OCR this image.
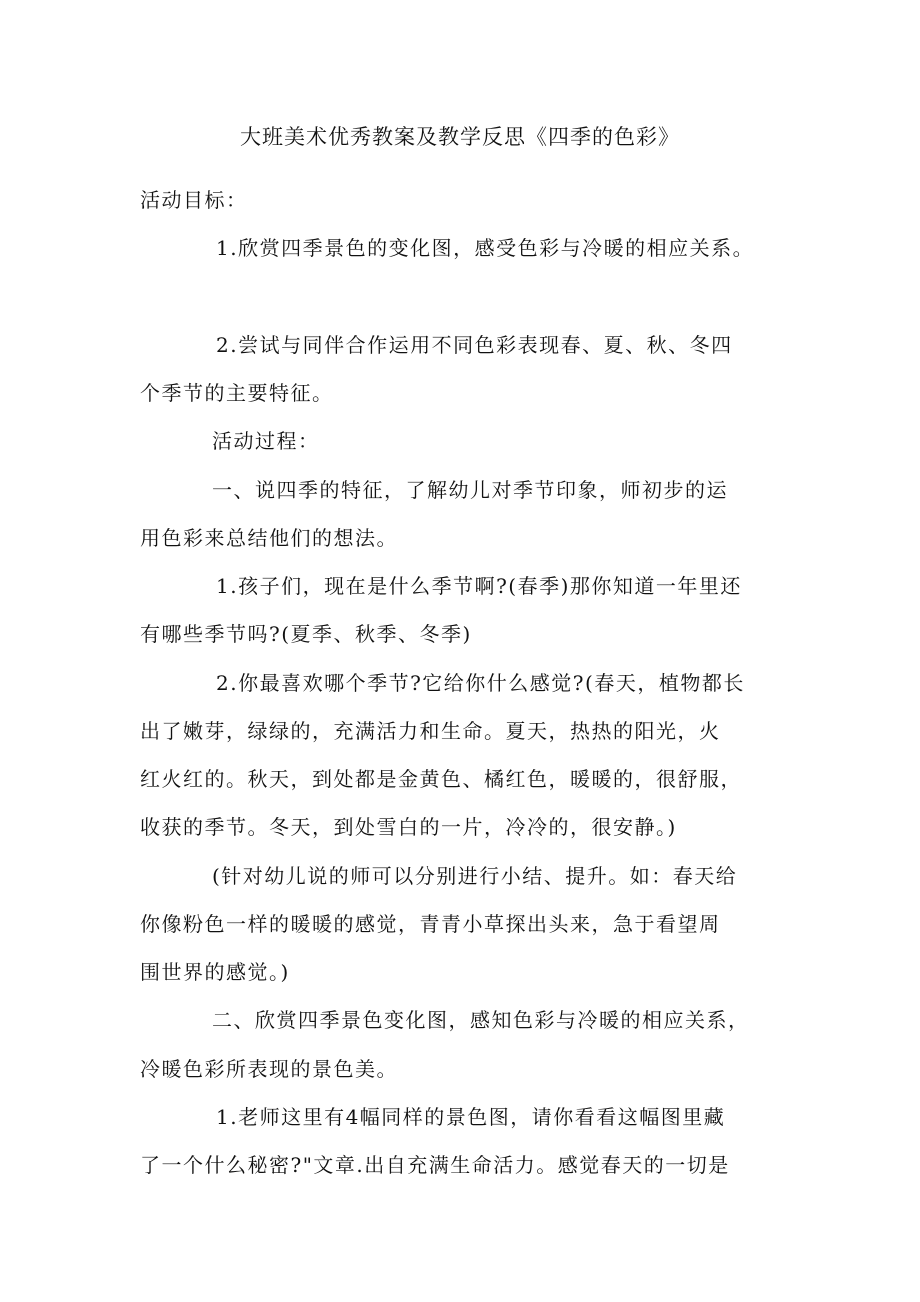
大班美术优秀教案及教学反思《四季的色彩》
活动目标：
1.欣赏四季景色的变化图，感受色彩与冷暖的相应关系。
2.尝试与同伴合作运用不同色彩表现春、夏、秋、冬四
个季节的主要特征。
活动过程：
一、说四季的特征，了解幼儿对季节印象，师初步的运
用色彩来总结他们的想法。
1.孩子们，现在是什么季节啊?(春季)那你知道一年里还
有哪些季节吗?(夏季、秋季、冬季)
2.你最喜欢哪个季节?它给你什么感觉?(春天，植物都长
出了嫩芽，绿绿的，充满活力和生命。夏天，热热的阳光，火
红火红的。秋天，到处都是金黄色、橘红色，暖暖的，很舒服，
收获的季节。冬天，到处雪白的一片，冷冷的，很安静。)
(针对幼儿说的师可以分别进行小结、提升。如：春天给
你像粉色一样的暖暖的感觉，青青小草探出头来，急于看望周
围世界的感觉。)
二、欣赏四季景色变化图，感知色彩与冷暖的相应关系，
冷暖色彩所表现的景色美。
1.老师这里有4幅同样的景色图，请你看看这幅图里藏
了一个什么秘密?"文章.出自充满生命活力。感觉春天的一切是
